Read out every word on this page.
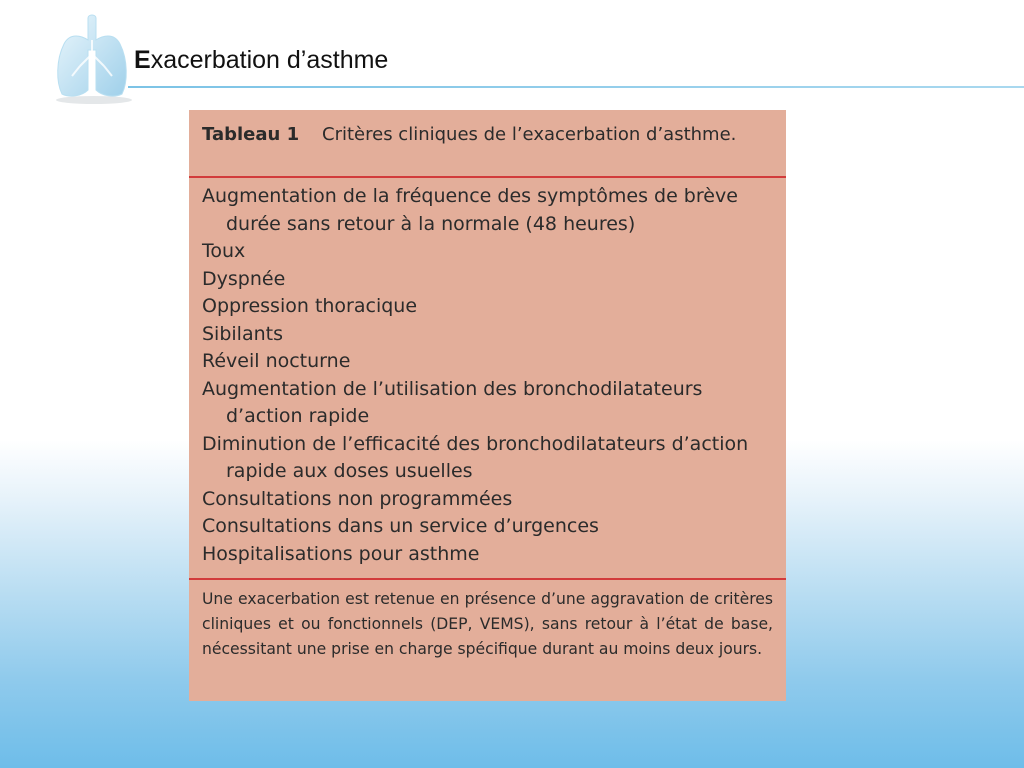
Exacerbation d’asthme
Tableau 1 Critères cliniques de l’exacerbation d’asthme.
Augmentation de la fréquence des symptômes de brève durée sans retour à la normale (48 heures)
Toux
Dyspnée
Oppression thoracique
Sibilants
Réveil nocturne
Augmentation de l’utilisation des bronchodilatateurs d’action rapide
Diminution de l’efficacité des bronchodilatateurs d’action rapide aux doses usuelles
Consultations non programmées
Consultations dans un service d’urgences
Hospitalisations pour asthme
Une exacerbation est retenue en présence d’une aggravation de critères cliniques et ou fonctionnels (DEP, VEMS), sans retour à l’état de base, nécessitant une prise en charge spécifique durant au moins deux jours.
